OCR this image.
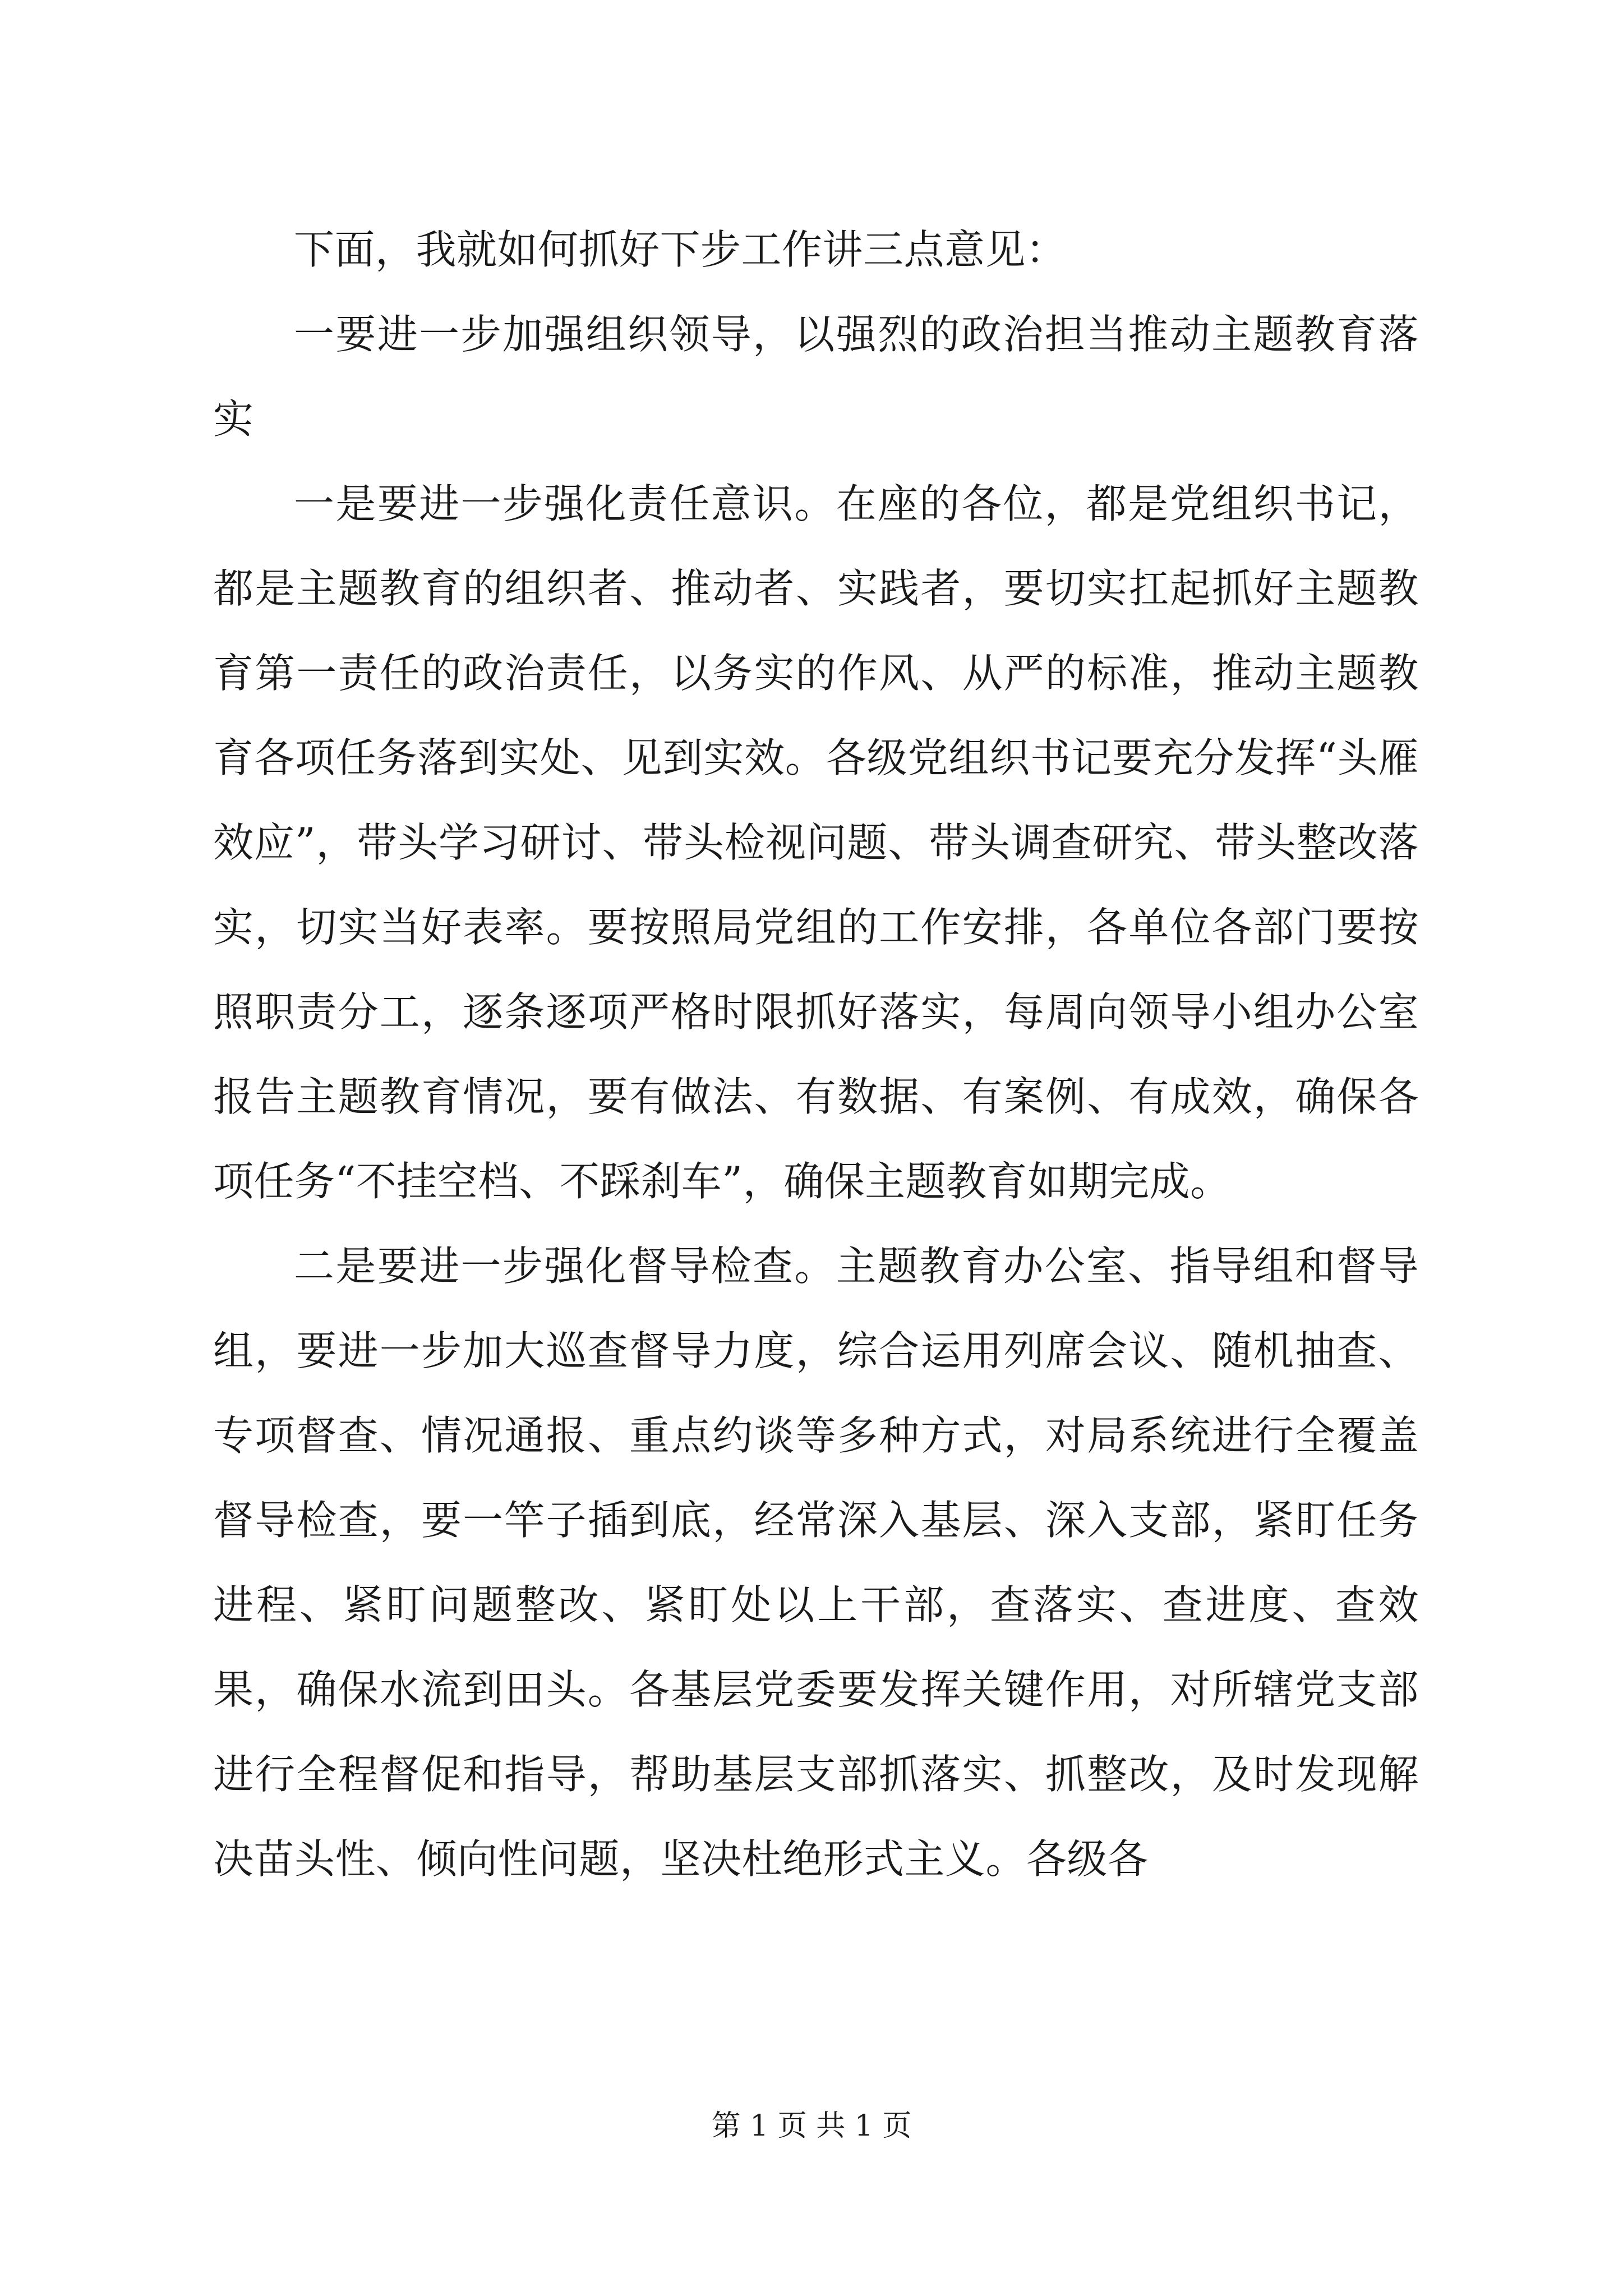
下面，我就如何抓好下步工作讲三点意见：

一要进一步加强组织领导，以强烈的政治担当推动主题教育落实

一是要进一步强化责任意识。在座的各位，都是党组织书记，都是主题教育的组织者、推动者、实践者，要切实扛起抓好主题教育第一责任的政治责任，以务实的作风、从严的标准，推动主题教育各项任务落到实处、见到实效。各级党组织书记要充分发挥“头雁效应”，带头学习研讨、带头检视问题、带头调查研究、带头整改落实，切实当好表率。要按照局党组的工作安排，各单位各部门要按照职责分工，逐条逐项严格时限抓好落实，每周向领导小组办公室报告主题教育情况，要有做法、有数据、有案例、有成效，确保各项任务“不挂空档、不踩刹车”，确保主题教育如期完成。

二是要进一步强化督导检查。主题教育办公室、指导组和督导组，要进一步加大巡查督导力度，综合运用列席会议、随机抽查、专项督查、情况通报、重点约谈等多种方式，对局系统进行全覆盖督导检查，要一竿子插到底，经常深入基层、深入支部，紧盯任务进程、紧盯问题整改、紧盯处以上干部，查落实、查进度、查效果，确保水流到田头。各基层党委要发挥关键作用，对所辖党支部进行全程督促和指导，帮助基层支部抓落实、抓整改，及时发现解决苗头性、倾向性问题，坚决杜绝形式主义。各级各

第 1 页 共 1 页
